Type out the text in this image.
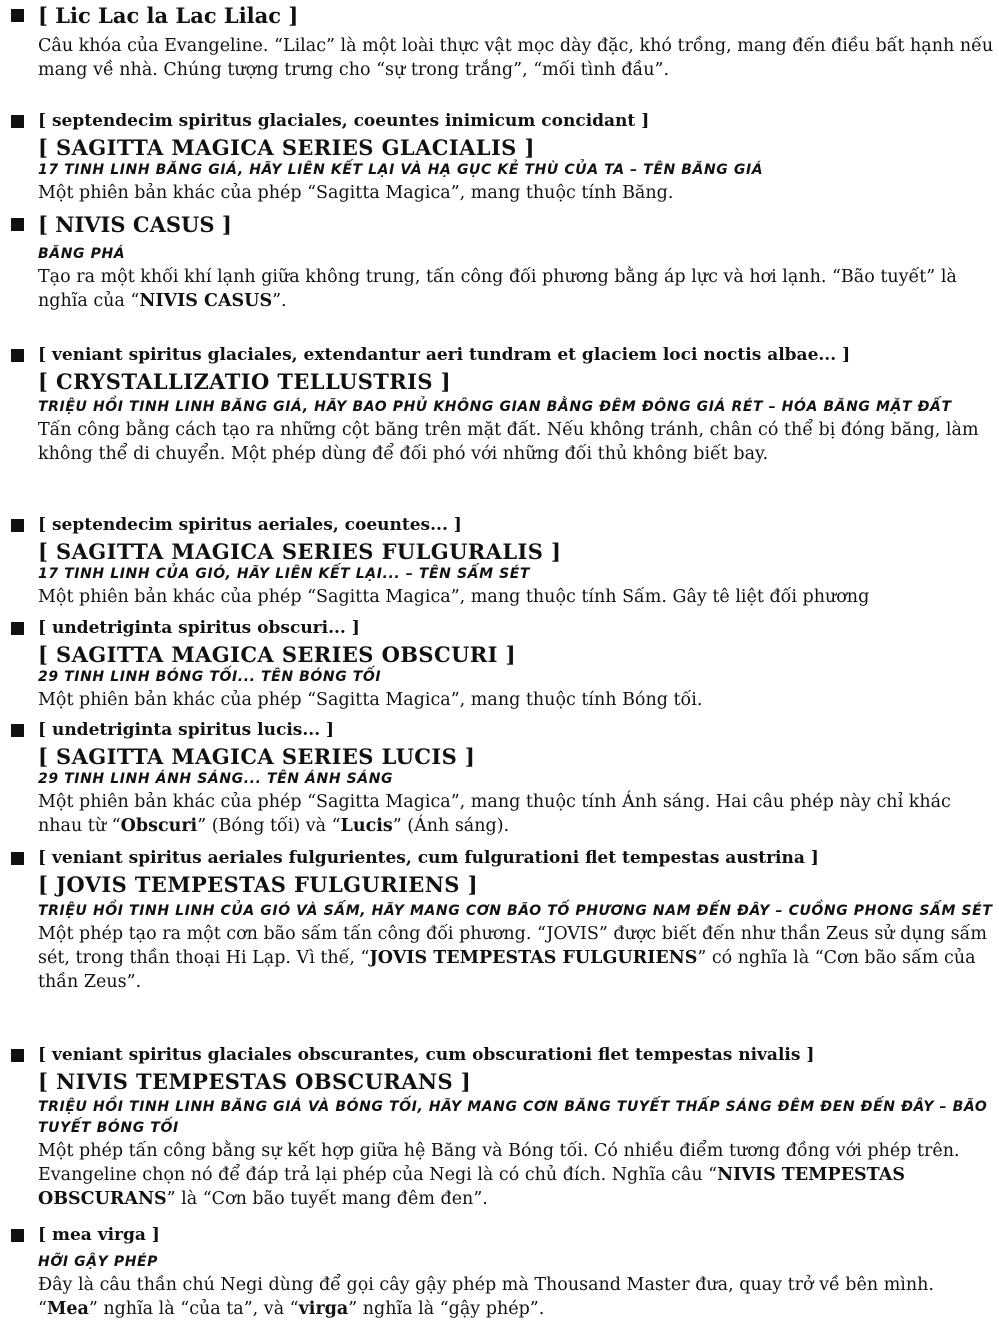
[ Lic Lac la Lac Lilac ]
Câu khóa của Evangeline. “Lilac” là một loài thực vật mọc dày đặc, khó trồng, mang đến điều bất hạnh nếu mang về nhà. Chúng tượng trưng cho “sự trong trắng”, “mối tình đầu”.
[ septendecim spiritus glaciales, coeuntes inimicum concidant ]
[ SAGITTA MAGICA SERIES GLACIALIS ]
17 TINH LINH BĂNG GIÁ, HÃY LIÊN KẾT LẠI VÀ HẠ GỤC KẺ THÙ CỦA TA – TÊN BĂNG GIÁ
Một phiên bản khác của phép “Sagitta Magica”, mang thuộc tính Băng.
[ NIVIS CASUS ]
BĂNG PHÁ
Tạo ra một khối khí lạnh giữa không trung, tấn công đối phương bằng áp lực và hơi lạnh. “Bão tuyết” là nghĩa của “NIVIS CASUS”.
[ veniant spiritus glaciales, extendantur aeri tundram et glaciem loci noctis albae... ]
[ CRYSTALLIZATIO TELLUSTRIS ]
TRIỆU HỒI TINH LINH BĂNG GIÁ, HÃY BAO PHỦ KHÔNG GIAN BẰNG ĐÊM ĐÔNG GIÁ RÉT – HÓA BĂNG MẶT ĐẤT
Tấn công bằng cách tạo ra những cột băng trên mặt đất. Nếu không tránh, chân có thể bị đóng băng, làm không thể di chuyển. Một phép dùng để đối phó với những đối thủ không biết bay.
[ septendecim spiritus aeriales, coeuntes... ]
[ SAGITTA MAGICA SERIES FULGURALIS ]
17 TINH LINH CỦA GIÓ, HÃY LIÊN KẾT LẠI... – TÊN SẤM SÉT
Một phiên bản khác của phép “Sagitta Magica”, mang thuộc tính Sấm. Gây tê liệt đối phương
[ undetriginta spiritus obscuri... ]
[ SAGITTA MAGICA SERIES OBSCURI ]
29 TINH LINH BÓNG TỐI... TÊN BÓNG TỐI
Một phiên bản khác của phép “Sagitta Magica”, mang thuộc tính Bóng tối.
[ undetriginta spiritus lucis... ]
[ SAGITTA MAGICA SERIES LUCIS ]
29 TINH LINH ÁNH SÁNG... TÊN ÁNH SÁNG
Một phiên bản khác của phép “Sagitta Magica”, mang thuộc tính Ánh sáng. Hai câu phép này chỉ khác nhau từ “Obscuri” (Bóng tối) và “Lucis” (Ánh sáng).
[ veniant spiritus aeriales fulgurientes, cum fulgurationi flet tempestas austrina ]
[ JOVIS TEMPESTAS FULGURIENS ]
TRIỆU HỒI TINH LINH CỦA GIÓ VÀ SẤM, HÃY MANG CƠN BÃO TỐ PHƯƠNG NAM ĐẾN ĐÂY – CUỒNG PHONG SẤM SÉT
Một phép tạo ra một cơn bão sấm tấn công đối phương. “JOVIS” được biết đến như thần Zeus sử dụng sấm sét, trong thần thoại Hi Lạp. Vì thế, “JOVIS TEMPESTAS FULGURIENS” có nghĩa là “Cơn bão sấm của thần Zeus”.
[ veniant spiritus glaciales obscurantes, cum obscurationi flet tempestas nivalis ]
[ NIVIS TEMPESTAS OBSCURANS ]
TRIỆU HỒI TINH LINH BĂNG GIÁ VÀ BÓNG TỐI, HÃY MANG CƠN BĂNG TUYẾT THẤP SÁNG ĐÊM ĐEN ĐẾN ĐÂY – BÃO TUYẾT BÓNG TỐI
Một phép tấn công bằng sự kết hợp giữa hệ Băng và Bóng tối. Có nhiều điểm tương đồng với phép trên. Evangeline chọn nó để đáp trả lại phép của Negi là có chủ đích. Nghĩa câu “NIVIS TEMPESTAS OBSCURANS” là “Cơn bão tuyết mang đêm đen”.
[ mea virga ]
HỠI GẬY PHÉP
Đây là câu thần chú Negi dùng để gọi cây gậy phép mà Thousand Master đưa, quay trở về bên mình. “Mea” nghĩa là “của ta”, và “virga” nghĩa là “gậy phép”.
